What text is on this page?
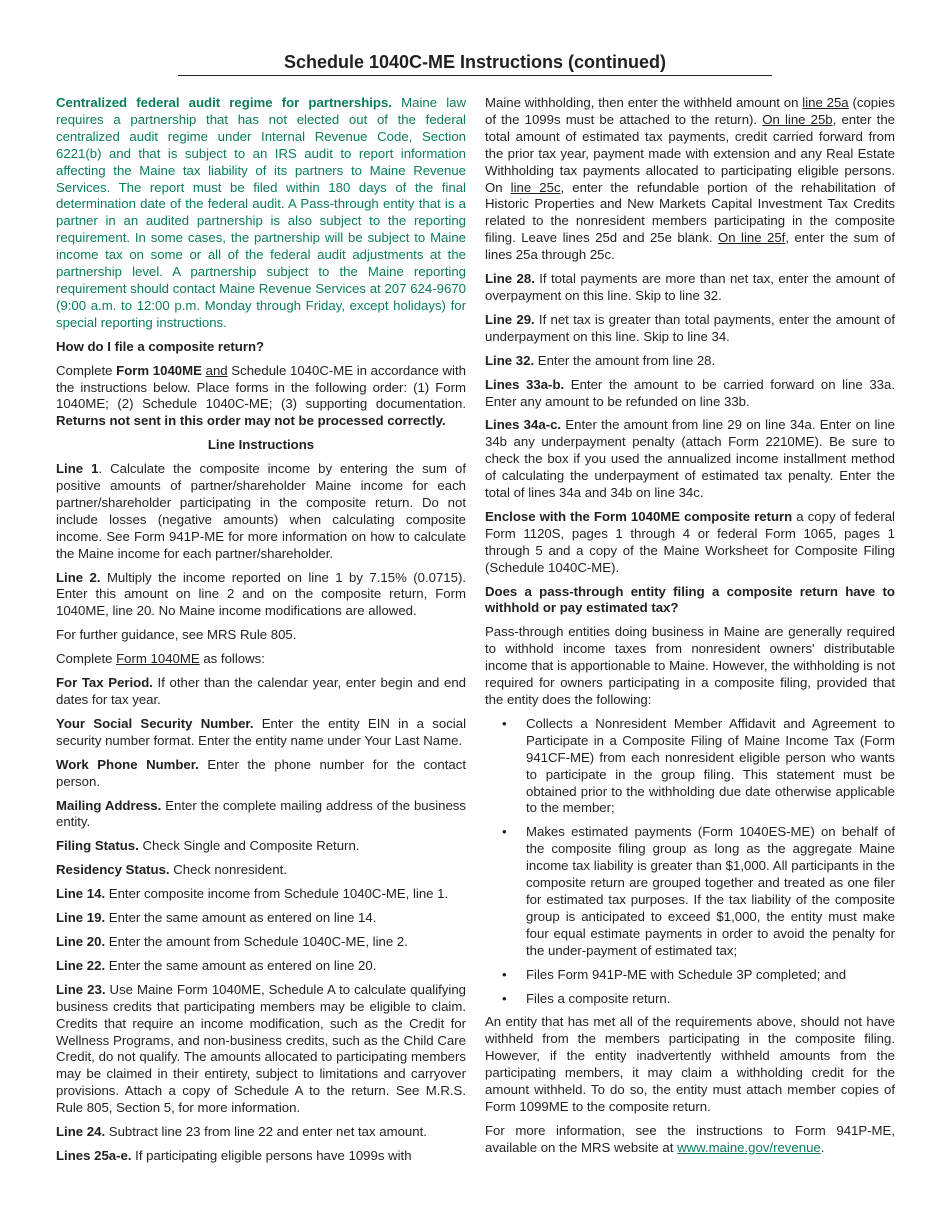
Schedule 1040C-ME Instructions (continued)

Centralized federal audit regime for partnerships. Maine law requires a partnership that has not elected out of the federal centralized audit regime under Internal Revenue Code, Section 6221(b) and that is subject to an IRS audit to report information affecting the Maine tax liability of its partners to Maine Revenue Services. The report must be filed within 180 days of the final determination date of the federal audit. A Pass-through entity that is a partner in an audited partnership is also subject to the reporting requirement. In some cases, the partnership will be subject to Maine income tax on some or all of the federal audit adjustments at the partnership level. A partnership subject to the Maine reporting requirement should contact Maine Revenue Services at 207 624-9670 (9:00 a.m. to 12:00 p.m. Monday through Friday, except holidays) for special reporting instructions.

How do I file a composite return?

Complete Form 1040ME and Schedule 1040C-ME in accordance with the instructions below. Place forms in the following order: (1) Form 1040ME; (2) Schedule 1040C-ME; (3) supporting documentation. Returns not sent in this order may not be processed correctly.

Line Instructions

Line 1. Calculate the composite income by entering the sum of positive amounts of partner/shareholder Maine income for each partner/shareholder participating in the composite return. Do not include losses (negative amounts) when calculating composite income. See Form 941P-ME for more information on how to calculate the Maine income for each partner/shareholder.

Line 2. Multiply the income reported on line 1 by 7.15% (0.0715). Enter this amount on line 2 and on the composite return, Form 1040ME, line 20. No Maine income modifications are allowed.

For further guidance, see MRS Rule 805.

Complete Form 1040ME as follows:

For Tax Period. If other than the calendar year, enter begin and end dates for tax year.

Your Social Security Number. Enter the entity EIN in a social security number format. Enter the entity name under Your Last Name.

Work Phone Number. Enter the phone number for the contact person.

Mailing Address. Enter the complete mailing address of the business entity.

Filing Status. Check Single and Composite Return.

Residency Status. Check nonresident.

Line 14. Enter composite income from Schedule 1040C-ME, line 1.

Line 19. Enter the same amount as entered on line 14.

Line 20. Enter the amount from Schedule 1040C-ME, line 2.

Line 22. Enter the same amount as entered on line 20.

Line 23. Use Maine Form 1040ME, Schedule A to calculate qualifying business credits that participating members may be eligible to claim. Credits that require an income modification, such as the Credit for Wellness Programs, and non-business credits, such as the Child Care Credit, do not qualify. The amounts allocated to participating members may be claimed in their entirety, subject to limitations and carryover provisions. Attach a copy of Schedule A to the return. See M.R.S. Rule 805, Section 5, for more information.

Line 24. Subtract line 23 from line 22 and enter net tax amount.

Lines 25a-e. If participating eligible persons have 1099s with

Maine withholding, then enter the withheld amount on line 25a (copies of the 1099s must be attached to the return). On line 25b, enter the total amount of estimated tax payments, credit carried forward from the prior tax year, payment made with extension and any Real Estate Withholding tax payments allocated to participating eligible persons. On line 25c, enter the refundable portion of the rehabilitation of Historic Properties and New Markets Capital Investment Tax Credits related to the nonresident members participating in the composite filing. Leave lines 25d and 25e blank. On line 25f, enter the sum of lines 25a through 25c.

Line 28. If total payments are more than net tax, enter the amount of overpayment on this line. Skip to line 32.

Line 29. If net tax is greater than total payments, enter the amount of underpayment on this line. Skip to line 34.

Line 32. Enter the amount from line 28.

Lines 33a-b. Enter the amount to be carried forward on line 33a. Enter any amount to be refunded on line 33b.

Lines 34a-c. Enter the amount from line 29 on line 34a. Enter on line 34b any underpayment penalty (attach Form 2210ME). Be sure to check the box if you used the annualized income installment method of calculating the underpayment of estimated tax penalty. Enter the total of lines 34a and 34b on line 34c.

Enclose with the Form 1040ME composite return a copy of federal Form 1120S, pages 1 through 4 or federal Form 1065, pages 1 through 5 and a copy of the Maine Worksheet for Composite Filing (Schedule 1040C-ME).

Does a pass-through entity filing a composite return have to withhold or pay estimated tax?

Pass-through entities doing business in Maine are generally required to withhold income taxes from nonresident owners' distributable income that is apportionable to Maine. However, the withholding is not required for owners participating in a composite filing, provided that the entity does the following:

• Collects a Nonresident Member Affidavit and Agreement to Participate in a Composite Filing of Maine Income Tax (Form 941CF-ME) from each nonresident eligible person who wants to participate in the group filing. This statement must be obtained prior to the withholding due date otherwise applicable to the member;
• Makes estimated payments (Form 1040ES-ME) on behalf of the composite filing group as long as the aggregate Maine income tax liability is greater than $1,000. All participants in the composite return are grouped together and treated as one filer for estimated tax purposes. If the tax liability of the composite group is anticipated to exceed $1,000, the entity must make four equal estimate payments in order to avoid the penalty for the under-payment of estimated tax;
• Files Form 941P-ME with Schedule 3P completed; and
• Files a composite return.

An entity that has met all of the requirements above, should not have withheld from the members participating in the composite filing. However, if the entity inadvertently withheld amounts from the participating members, it may claim a withholding credit for the amount withheld. To do so, the entity must attach member copies of Form 1099ME to the composite return.

For more information, see the instructions to Form 941P-ME, available on the MRS website at www.maine.gov/revenue.
